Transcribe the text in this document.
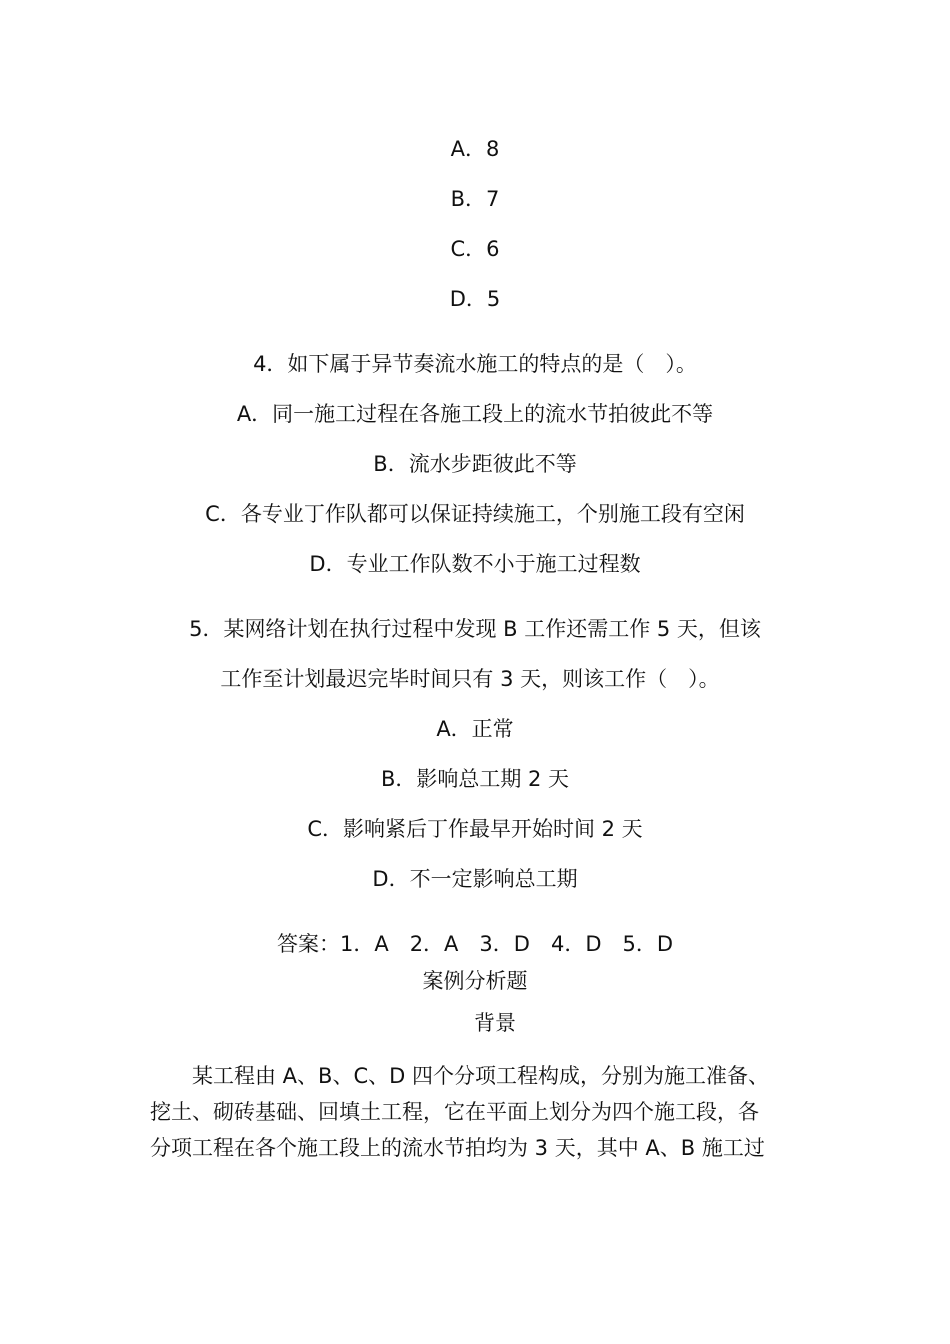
A．8
B．7
C．6
D．5
4．如下属于异节奏流水施工的特点的是（　）。
A．同一施工过程在各施工段上的流水节拍彼此不等
B．流水步距彼此不等
C．各专业丁作队都可以保证持续施工，个别施工段有空闲
D．专业工作队数不小于施工过程数
5．某网络计划在执行过程中发现 B 工作还需工作 5 天，但该
工作至计划最迟完毕时间只有 3 天，则该工作（　）。
A．正常
B．影响总工期 2 天
C．影响紧后丁作最早开始时间 2 天
D．不一定影响总工期
答案：1．A　2．A　3．D　4．D　5．D
案例分析题
背景
　　某工程由 A、B、C、D 四个分项工程构成，分别为施工准备、
挖土、砌砖基础、回填土工程，它在平面上划分为四个施工段，各
分项工程在各个施工段上的流水节拍均为 3 天，其中 A、B 施工过
